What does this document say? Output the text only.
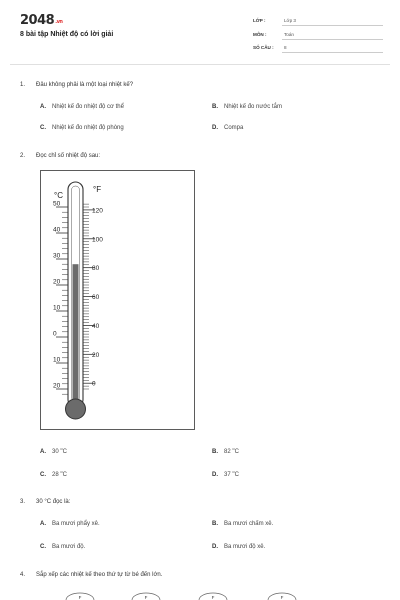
2048.vn
8 bài tập Nhiệt độ có lời giải
LỚP :	Lớp 3
MÔN :	Toán
SỐ CÂU : 8
1. Đâu không phải là một loại nhiệt kế?
A. Nhiệt kế đo nhiệt độ cơ thể	B. Nhiệt kế đo nước tắm
C. Nhiệt kế đo nhiệt độ phòng	D. Compa
2. Đọc chỉ số nhiệt độ sau:
°C
°F
50
40
30
20
10
0
10
20
120
100
80
60
40
20
0
A. 30 $^o$C	B. 82 $^o$C
C. 28 $^o$C	D. 37 $^o$C
3. 30 °C đọc là:
A. Ba mươi phẩy xê.	B. Ba mươi chấm xê.
C. Ba mươi độ.	D. Ba mươi độ xê.
4. Sắp xếp các nhiệt kế theo thứ tự từ bé đến lớn.
F	F	F	F
